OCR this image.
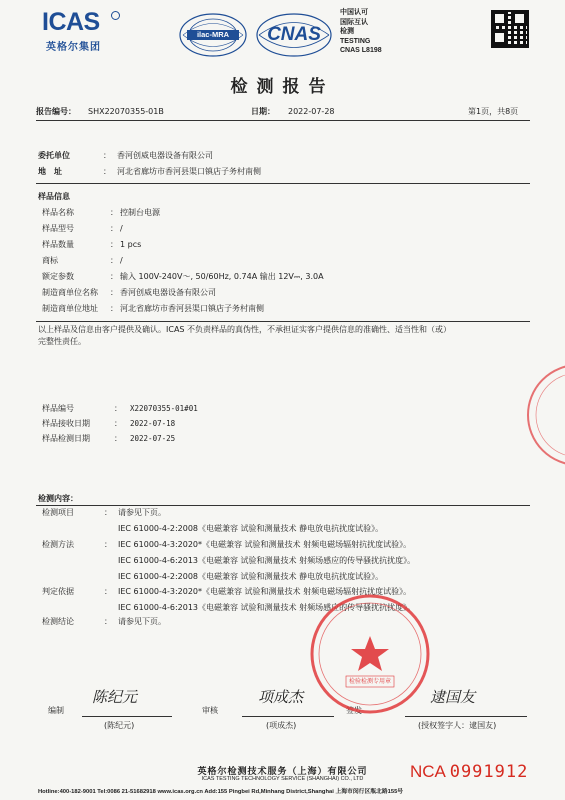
ICAS
英格尔集团
ilac-MRA	CNAS
中国认可
国际互认
检测
TESTING
CNAS L8198
检测报告
报告编号： SHX22070355-01B	日期： 2022-07-28	第1页，共8页
委托单位	： 香河创威电器设备有限公司
地　址	： 河北省廊坊市香河县渠口镇店子务村南侧
样品信息
样品名称	： 控制台电源
样品型号	： /
样品数量	： 1 pcs
商标	： /
额定参数	： 输入 100V-240V～, 50/60Hz, 0.74A 输出 12V⎓, 3.0A
制造商单位名称 ： 香河创威电器设备有限公司
制造商单位地址 ： 河北省廊坊市香河县渠口镇店子务村南侧
以上样品及信息由客户提供及确认。ICAS 不负责样品的真伪性，不承担证实客户提供信息的准确性、适当性和（或）
完整性责任。
样品编号	： X22070355-01#01
样品接收日期	： 2022-07-18
样品检测日期	： 2022-07-25
检测内容：
检测项目	： 请参见下页。
IEC 61000-4-2:2008《电磁兼容 试验和测量技术 静电放电抗扰度试验》。
检测方法	： IEC 61000-4-3:2020*《电磁兼容 试验和测量技术 射频电磁场辐射抗扰度试验》。
IEC 61000-4-6:2013《电磁兼容 试验和测量技术 射频场感应的传导骚扰抗扰度》。
IEC 61000-4-2:2008《电磁兼容 试验和测量技术 静电放电抗扰度试验》。
判定依据	： IEC 61000-4-3:2020*《电磁兼容 试验和测量技术 射频电磁场辐射抗扰度试验》。
IEC 61000-4-6:2013《电磁兼容 试验和测量技术 射频场感应的传导骚扰抗扰度》。
检测结论	： 请参见下页。
编制
陈纪元
(陈纪元)
审核
项成杰
(项成杰)
签发
逮国友
(授权签字人：逮国友)
检验检测专用章
英格尔检测技术服务（上海）有限公司
ICAS TESTING TECHNOLOGY SERVICE (SHANGHAI) CO., LTD
Hotline:400-182-9001 Tel:0086 21-51682918 www.icas.org.cn Add:155 Pingbei Rd,Minhang District,Shanghai 上海市闵行区瓶北路155号
NCA 0991912
